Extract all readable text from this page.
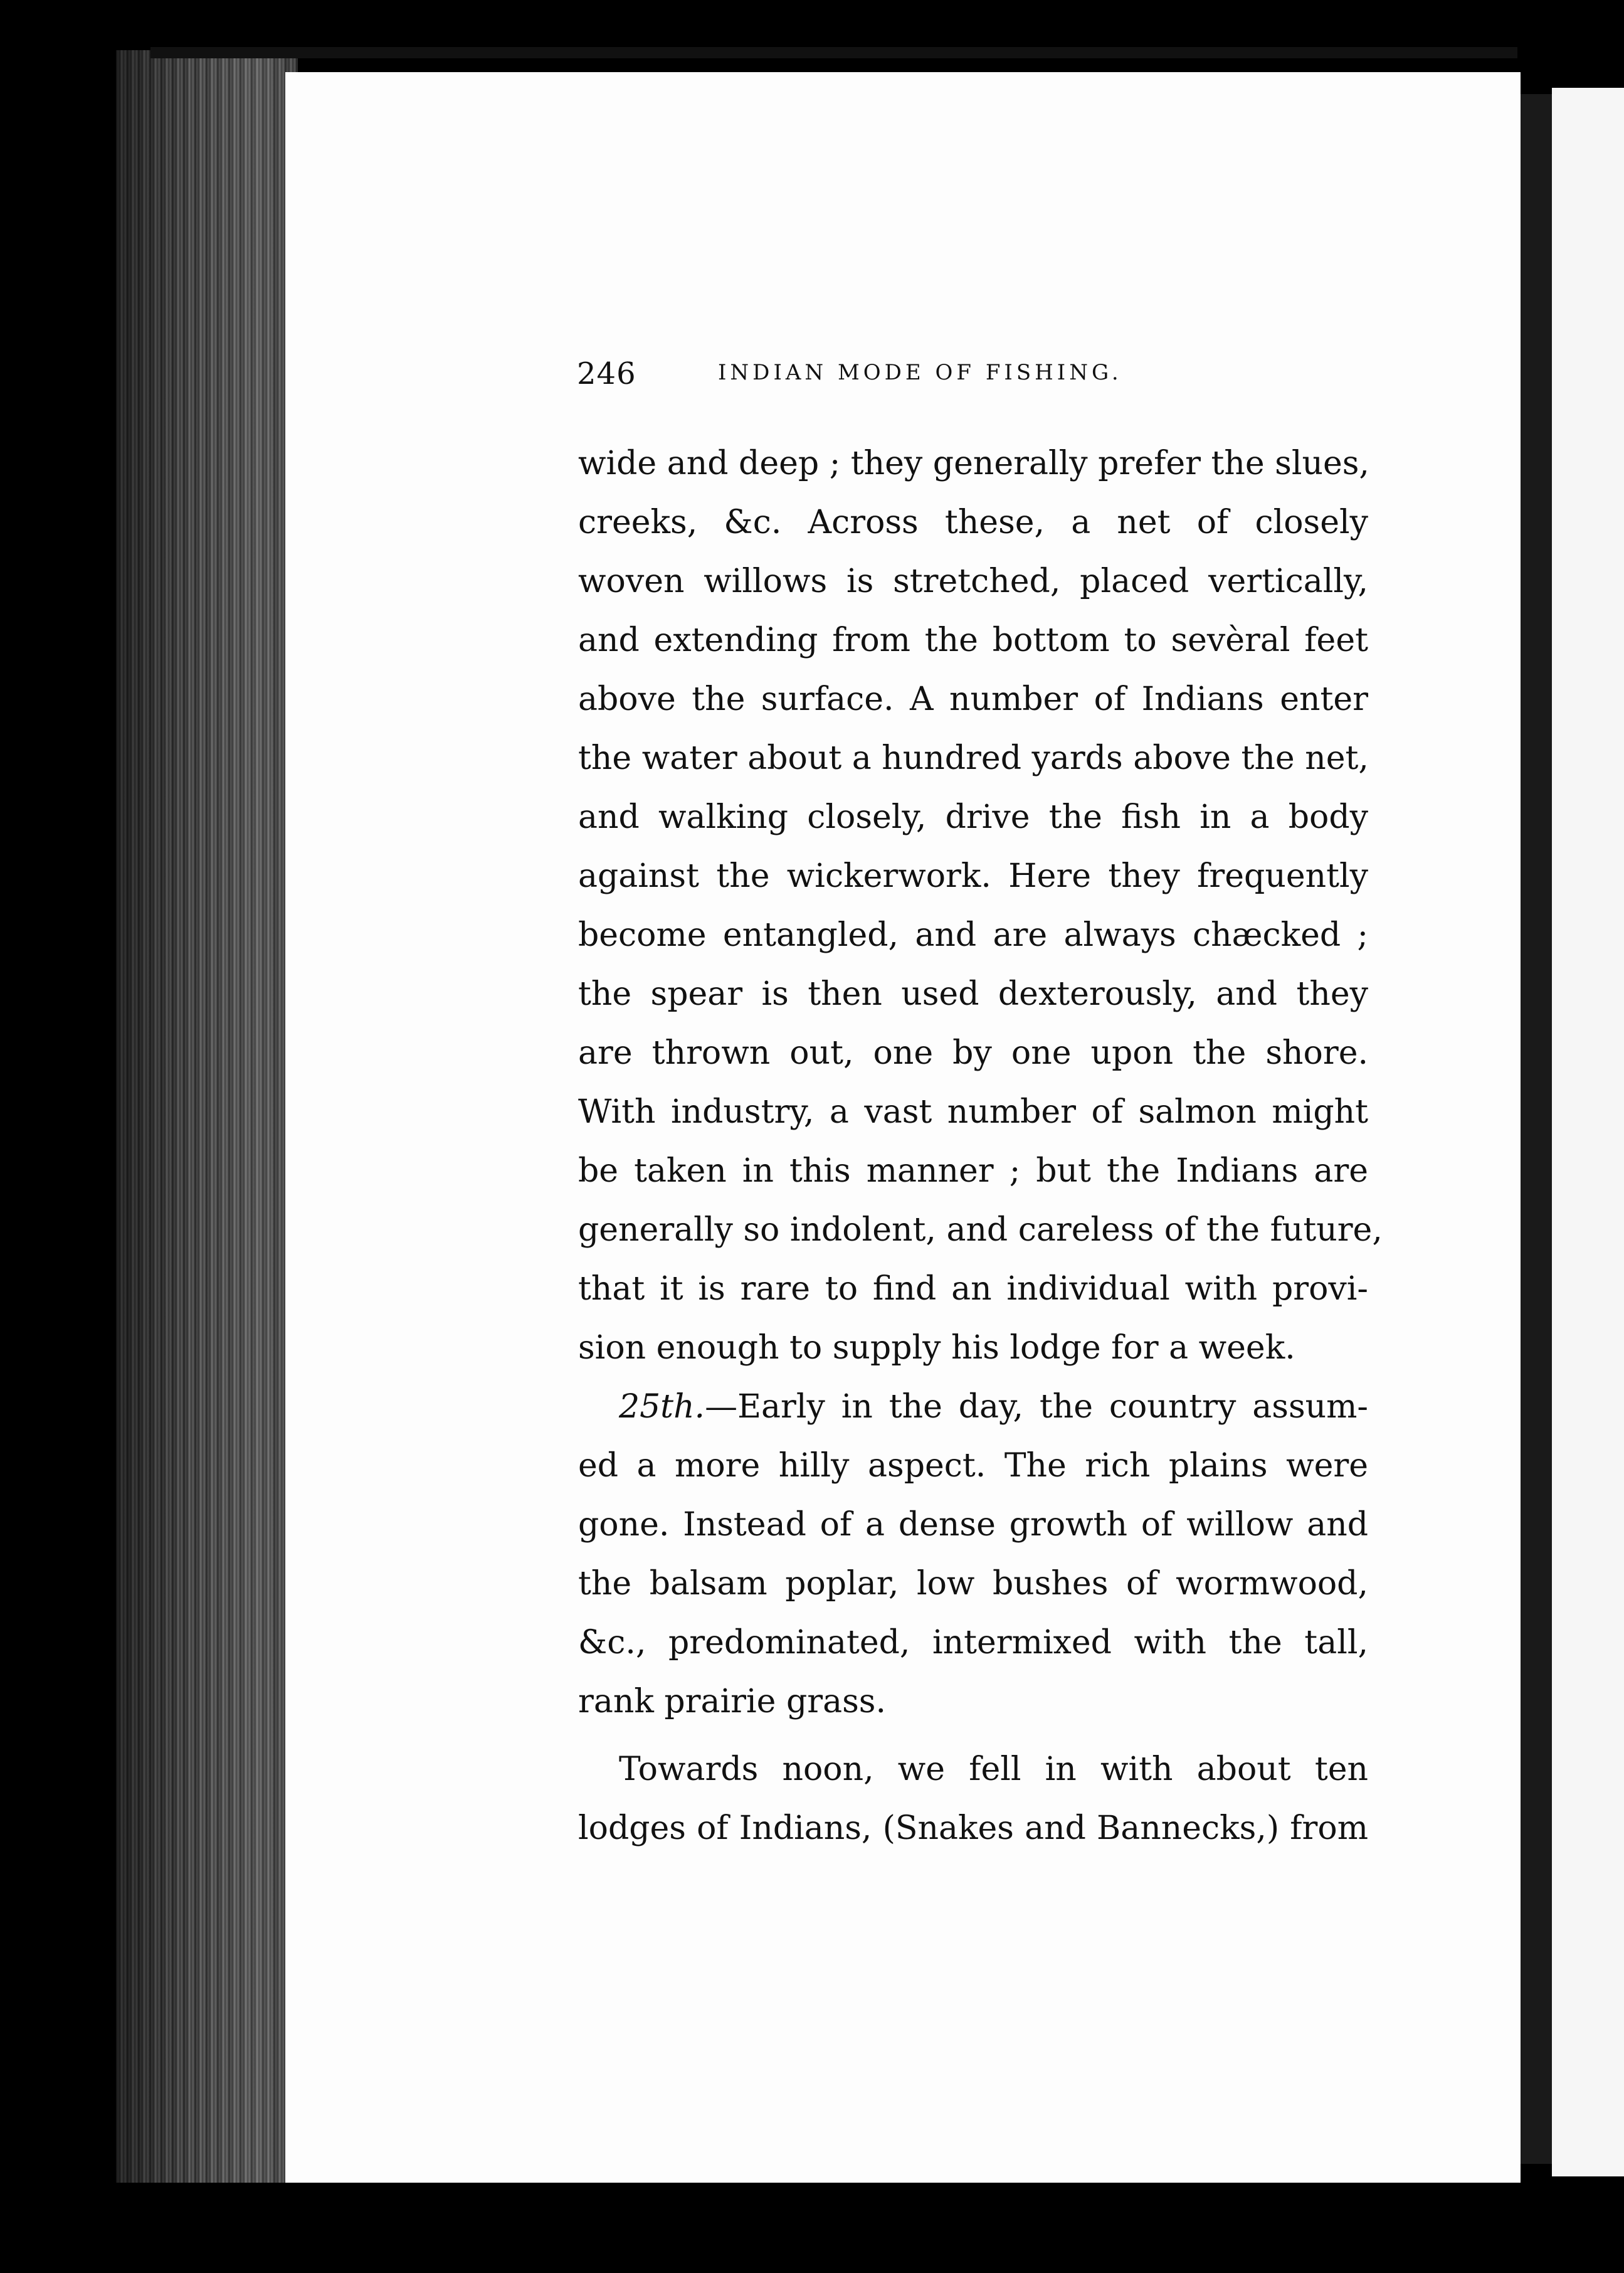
246	INDIAN MODE OF FISHING.
wide and deep ; they generally prefer the slues,
creeks, &c. Across these, a net of closely
woven willows is stretched, placed vertically,
and extending from the bottom to sevèral feet
above the surface. A number of Indians enter
the water about a hundred yards above the net,
and walking closely, drive the fish in a body
against the wickerwork. Here they frequently
become entangled, and are always chæcked ;
the spear is then used dexterously, and they
are thrown out, one by one upon the shore.
With industry, a vast number of salmon might
be taken in this manner ; but the Indians are
generally so indolent, and careless of the future,
that it is rare to find an individual with provi-
sion enough to supply his lodge for a week.
25th.—Early in the day, the country assum-
ed a more hilly aspect. The rich plains were
gone. Instead of a dense growth of willow and
the balsam poplar, low bushes of wormwood,
&c., predominated, intermixed with the tall,
rank prairie grass.
Towards noon, we fell in with about ten
lodges of Indians, (Snakes and Bannecks,) from
